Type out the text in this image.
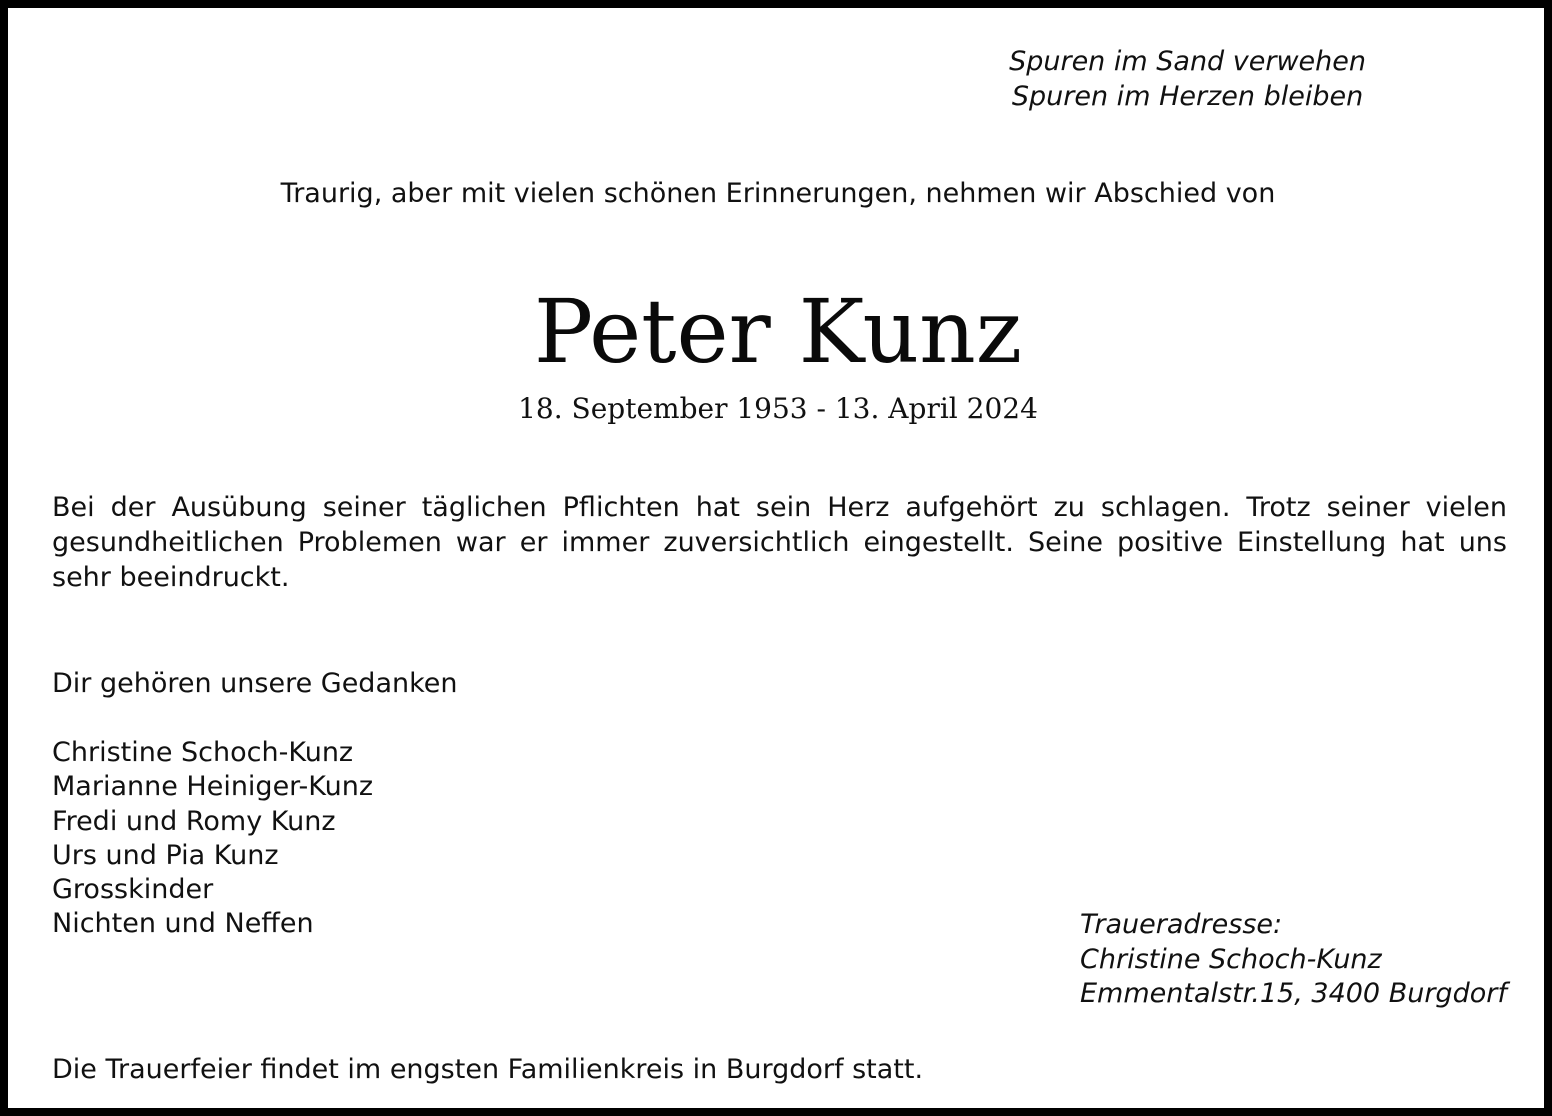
Spuren im Sand verwehen
Spuren im Herzen bleiben
Traurig, aber mit vielen schönen Erinnerungen, nehmen wir Abschied von
Peter Kunz
18. September 1953 - 13. April 2024
Bei der Ausübung seiner täglichen Pflichten hat sein Herz aufgehört zu schlagen. Trotz seiner vielen gesundheitlichen Problemen war er immer zuversichtlich eingestellt. Seine positive Einstellung hat uns sehr beeindruckt.
Dir gehören unsere Gedanken
Christine Schoch-Kunz
Marianne Heiniger-Kunz
Fredi und Romy Kunz
Urs und Pia Kunz
Grosskinder
Nichten und Neffen	Traueradresse:
Christine Schoch-Kunz
Emmentalstr.15, 3400 Burgdorf
Die Trauerfeier findet im engsten Familienkreis in Burgdorf statt.
